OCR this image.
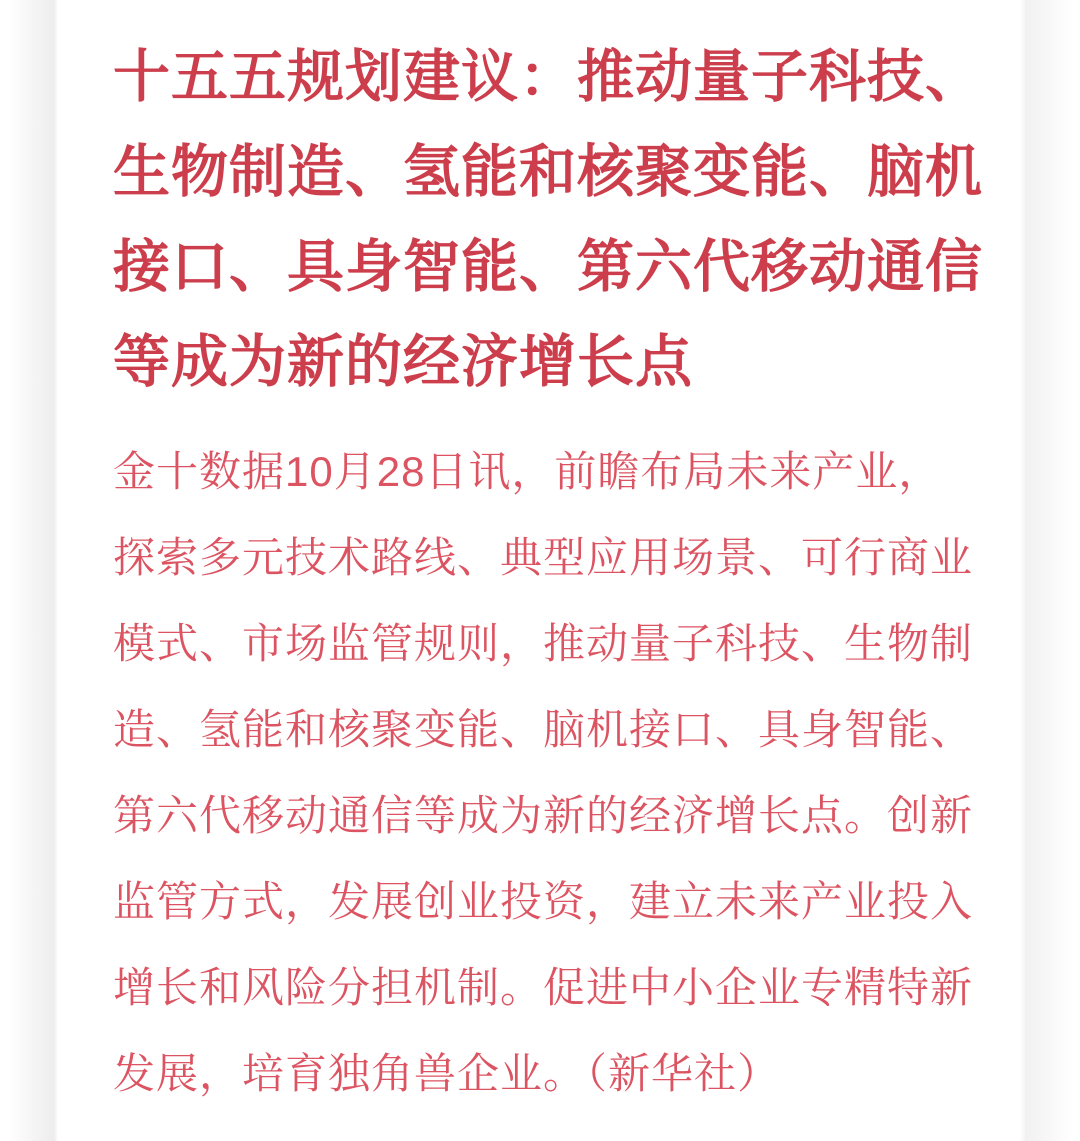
十五五规划建议：推动量子科技、
生物制造、氢能和核聚变能、脑机
接口、具身智能、第六代移动通信
等成为新的经济增长点
金十数据10月28日讯，前瞻布局未来产业，
探索多元技术路线、典型应用场景、可行商业
模式、市场监管规则，推动量子科技、生物制
造、氢能和核聚变能、脑机接口、具身智能、
第六代移动通信等成为新的经济增长点。创新
监管方式，发展创业投资，建立未来产业投入
增长和风险分担机制。促进中小企业专精特新
发展，培育独角兽企业。（新华社）
